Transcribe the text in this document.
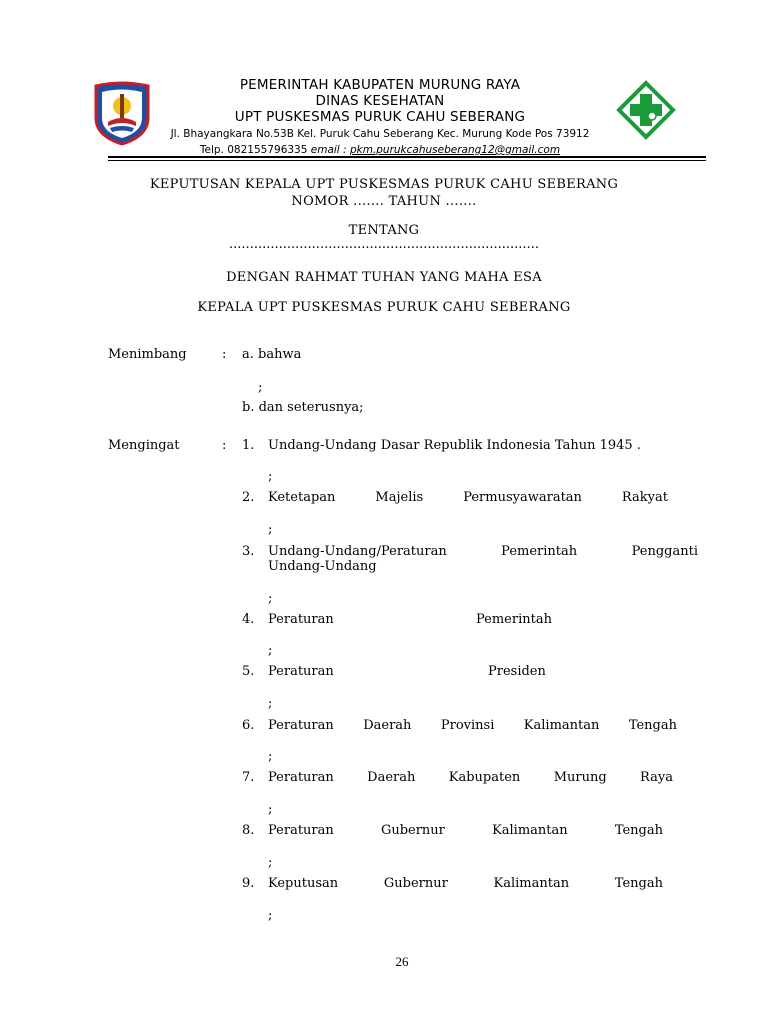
PEMERINTAH KABUPATEN MURUNG RAYA
DINAS KESEHATAN
UPT PUSKESMAS PURUK CAHU SEBERANG
Jl. Bhayangkara No.53B Kel. Puruk Cahu Seberang Kec. Murung Kode Pos 73912
Telp. 082155796335 email : pkm.purukcahuseberang12@gmail.com
KEPUTUSAN KEPALA UPT PUSKESMAS PURUK CAHU SEBERANG
NOMOR ....... TAHUN .......
TENTANG
...........................................................................
DENGAN RAHMAT TUHAN YANG MAHA ESA
KEPALA UPT PUSKESMAS PURUK CAHU SEBERANG
Menimbang	: a. bahwa
;
b. dan seterusnya;
Mengingat	: 1. Undang-Undang Dasar Republik Indonesia Tahun 1945 .
;
2. Ketetapan	Majelis	Permusyawaratan	Rakyat
;
3. Undang-Undang/Peraturan	Pemerintah	Pengganti
Undang-Undang
;
4. Peraturan	Pemerintah
;
5. Peraturan	Presiden
;
6. Peraturan Daerah Provinsi Kalimantan Tengah
;
7. Peraturan	Daerah	Kabupaten	Murung	Raya
;
8. Peraturan	Gubernur	Kalimantan	Tengah
;
9. Keputusan	Gubernur	Kalimantan	Tengah
;
26
